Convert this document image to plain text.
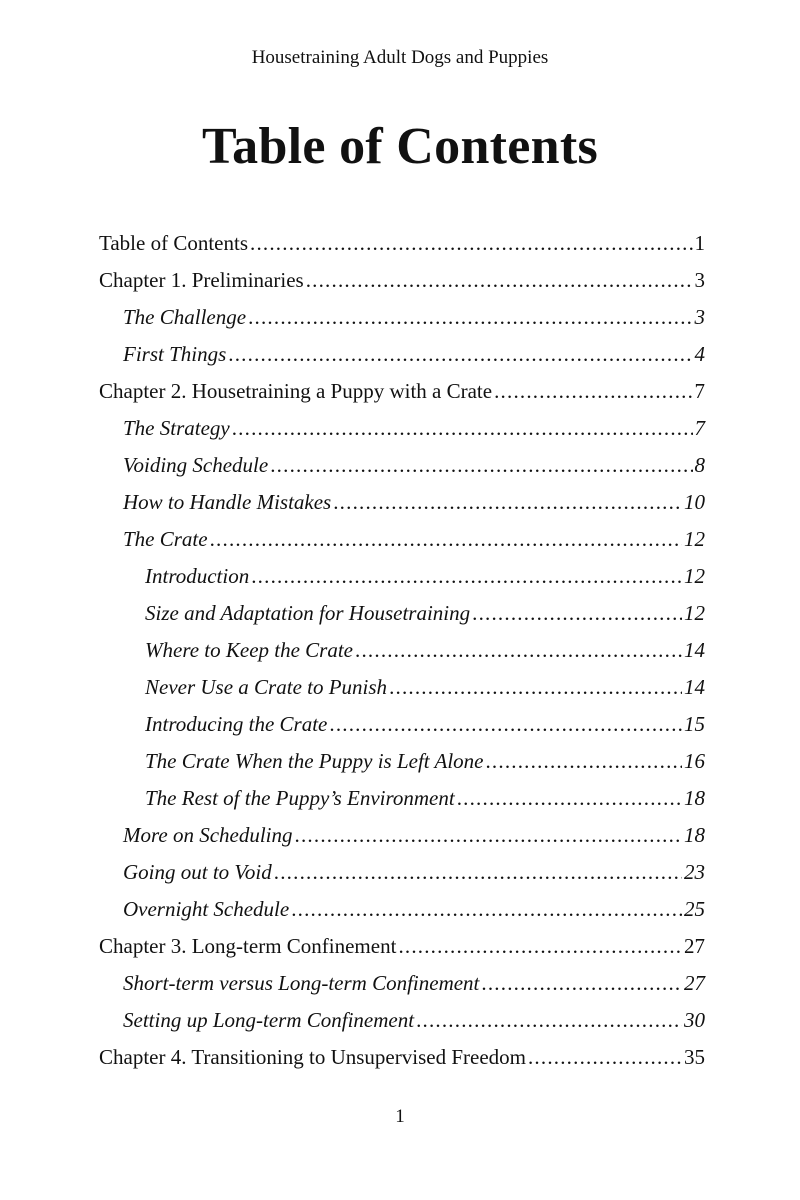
Housetraining Adult Dogs and Puppies
Table of Contents
Table of Contents .....	1
Chapter 1. Preliminaries .....	3
The Challenge .....	3
First Things .....	4
Chapter 2. Housetraining a Puppy with a Crate .....	7
The Strategy .....	7
Voiding Schedule .....	8
How to Handle Mistakes .....	10
The Crate .....	12
Introduction .....	12
Size and Adaptation for Housetraining .....	12
Where to Keep the Crate .....	14
Never Use a Crate to Punish .....	14
Introducing the Crate .....	15
The Crate When the Puppy is Left Alone .....	16
The Rest of the Puppy’s Environment .....	18
More on Scheduling .....	18
Going out to Void .....	23
Overnight Schedule .....	25
Chapter 3. Long-term Confinement .....	27
Short-term versus Long-term Confinement .....	27
Setting up Long-term Confinement .....	30
Chapter 4. Transitioning to Unsupervised Freedom .....	35
1
